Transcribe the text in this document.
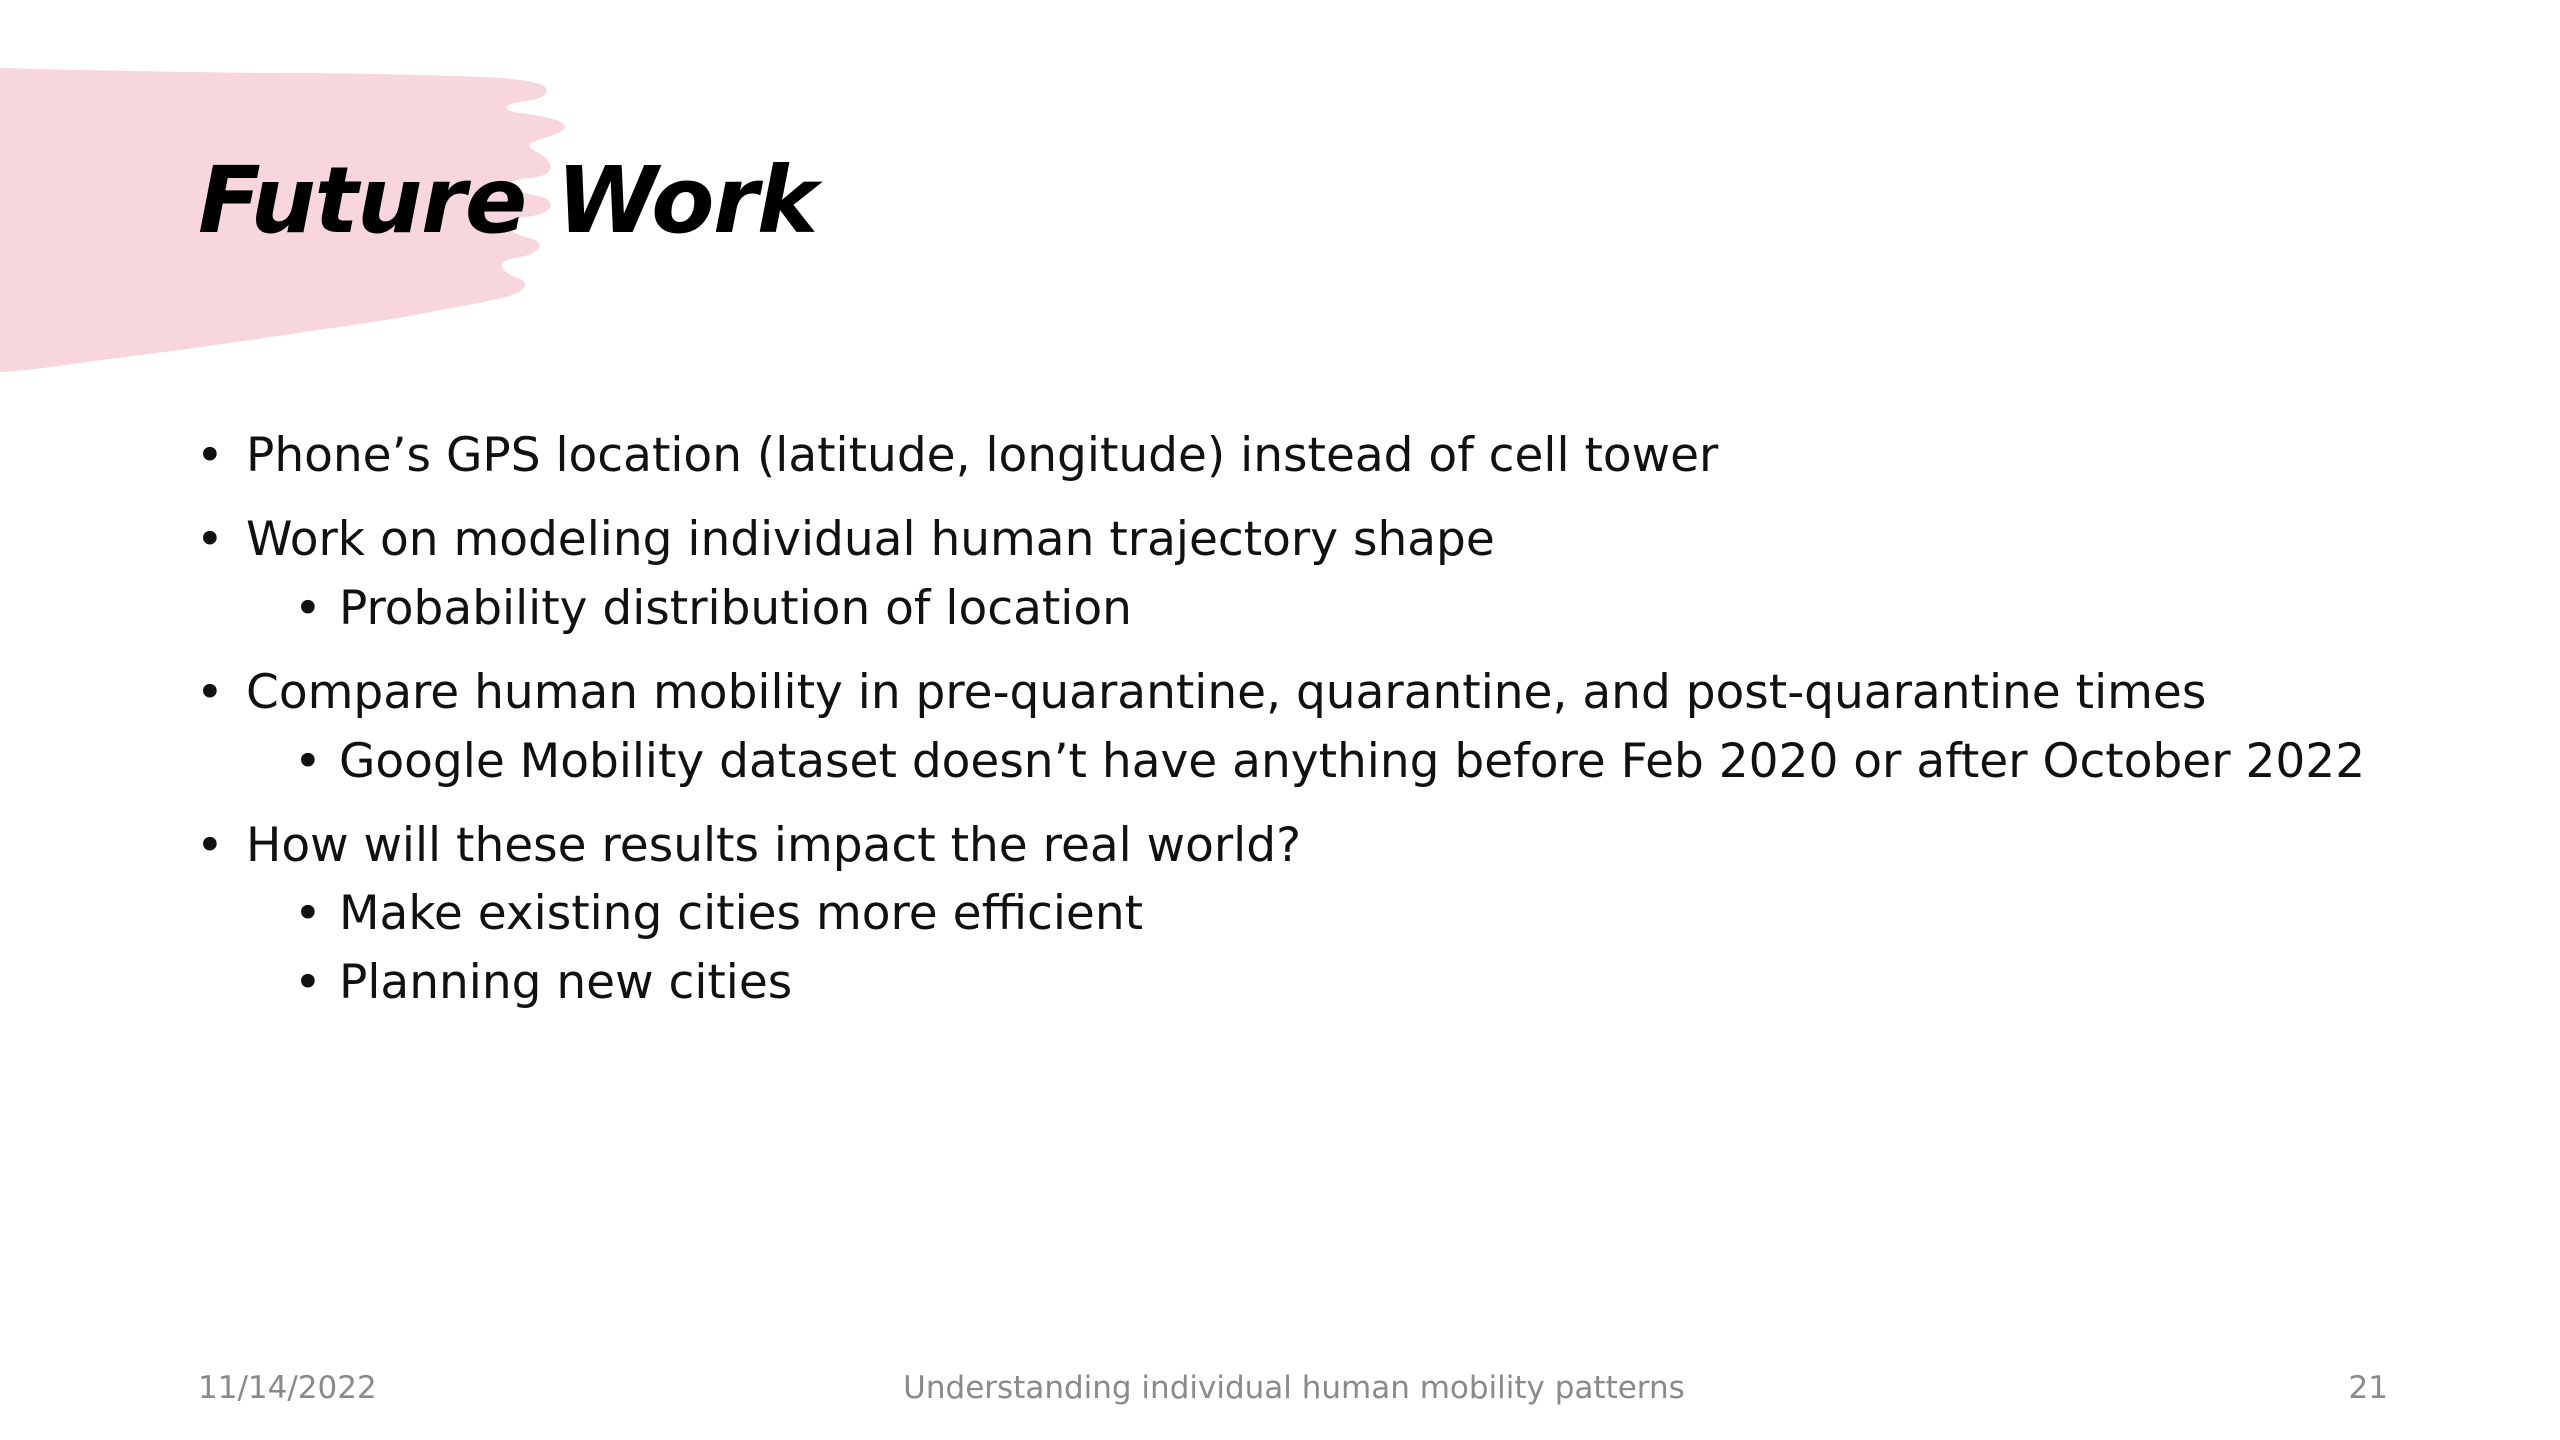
Future Work
• Phone’s GPS location (latitude, longitude) instead of cell tower
• Work on modeling individual human trajectory shape
• Probability distribution of location
• Compare human mobility in pre-quarantine, quarantine, and post-quarantine times
• Google Mobility dataset doesn’t have anything before Feb 2020 or after October 2022
• How will these results impact the real world?
• Make existing cities more efficient
• Planning new cities
11/14/2022	Understanding individual human mobility patterns	21
